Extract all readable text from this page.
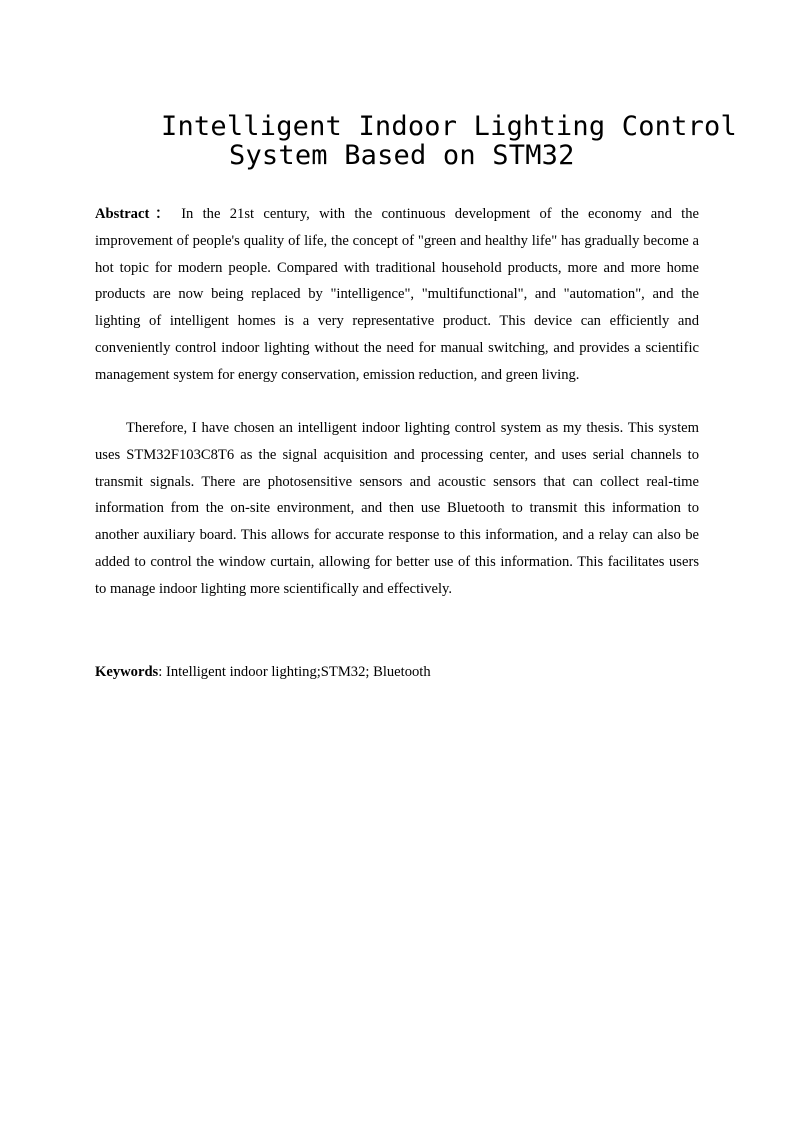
Intelligent Indoor Lighting Control
System Based on STM32
Abstract： In the 21st century, with the continuous development of the economy and the improvement of people's quality of life, the concept of "green and healthy life" has gradually become a hot topic for modern people. Compared with traditional household products, more and more home products are now being replaced by "intelligence", "multifunctional", and "automation", and the lighting of intelligent homes is a very representative product. This device can efficiently and conveniently control indoor lighting without the need for manual switching, and provides a scientific management system for energy conservation, emission reduction, and green living.
Therefore, I have chosen an intelligent indoor lighting control system as my thesis. This system uses STM32F103C8T6 as the signal acquisition and processing center, and uses serial channels to transmit signals. There are photosensitive sensors and acoustic sensors that can collect real-time information from the on-site environment, and then use Bluetooth to transmit this information to another auxiliary board. This allows for accurate response to this information, and a relay can also be added to control the window curtain, allowing for better use of this information. This facilitates users to manage indoor lighting more scientifically and effectively.
Keywords: Intelligent indoor lighting;STM32; Bluetooth
